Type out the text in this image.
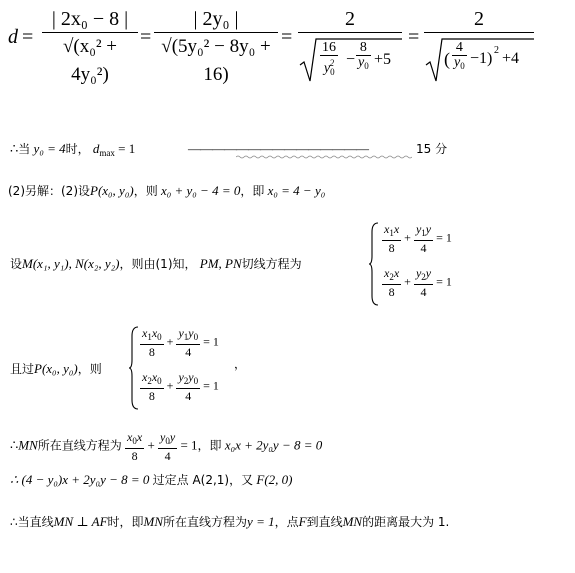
$d = \frac{\text{| 2x₀ − 8 |}}{\text{√(x₀² + 4y₀²)}} = \frac{\text{| 2y₀ |}}{\text{√(5y₀² − 8y₀ + 16)}}$ =
2
$\frac{16}{y_0^2} - \frac{8}{y_0} +5$
=
2
( $\frac{4}{y_0} -1$) 2 +4
∴当 y₀ = 4时， $d_{max} = 1$	———————————————	15 分
(2)另解：(2)设P(x₀, y₀)，则 x₀ + y₀ − 4 = 0，即 x₀ = 4 − y₀
设M(x₁, y₁), N(x₂, y₂)，则由(1)知， PM, PN切线方程为
$\frac{x_1x}{8} + \frac{y_1y}{4} = 1$
$\frac{x_2x}{8} + \frac{y_2y}{4} = 1$
且过P(x₀, y₀)，则
$\frac{x_1x_0}{8} + \frac{y_1y_0}{4} = 1$
$\frac{x_2x_0}{8} + \frac{y_2y_0}{4} = 1$
，
∴MN所在直线方程为 $\frac{x_0x}{8} + \frac{y_0y}{4} = 1$，即 x₀x + 2y₀y − 8 = 0
∴ (4 − y₀)x + 2y₀y − 8 = 0 过定点 A(2,1)，又 F(2, 0)
∴当直线MN ⊥ AF时，即MN所在直线方程为y = 1，点F到直线MN的距离最大为 1.
